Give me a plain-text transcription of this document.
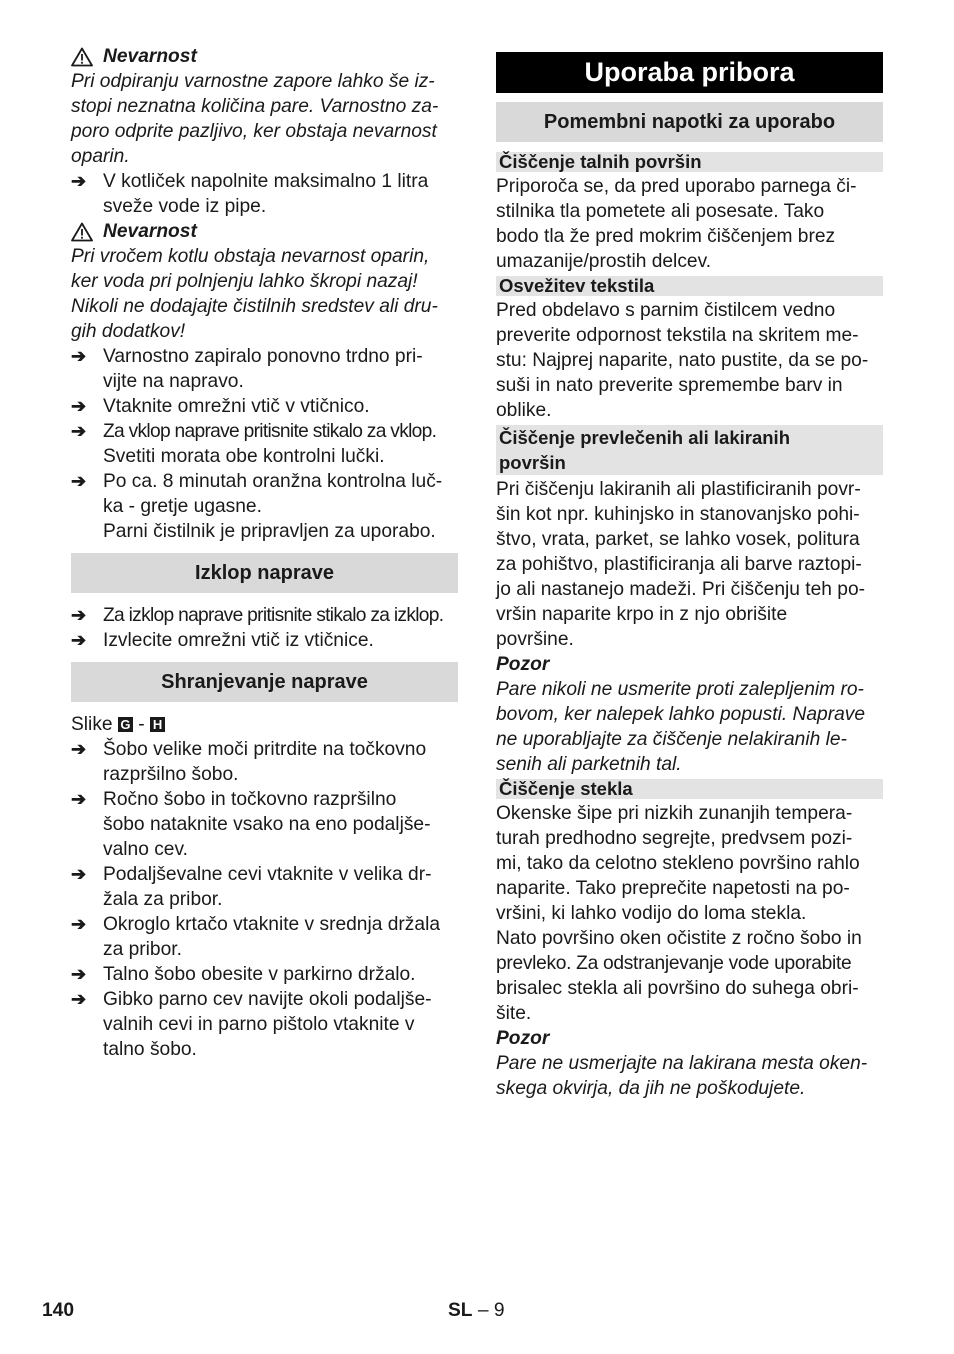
Nevarnost
Pri odpiranju varnostne zapore lahko še iz-
stopi neznatna količina pare. Varnostno za-
poro odprite pazljivo, ker obstaja nevarnost
oparin.
➔ V kotliček napolnite maksimalno 1 litra
sveže vode iz pipe.
Nevarnost
Pri vročem kotlu obstaja nevarnost oparin,
ker voda pri polnjenju lahko škropi nazaj!
Nikoli ne dodajajte čistilnih sredstev ali dru-
gih dodatkov!
➔ Varnostno zapiralo ponovno trdno pri-
vijte na napravo.
➔ Vtaknite omrežni vtič v vtičnico.
➔ Za vklop naprave pritisnite stikalo za vklop.
Svetiti morata obe kontrolni lučki.
➔ Po ca. 8 minutah oranžna kontrolna luč-
ka - gretje ugasne.
Parni čistilnik je pripravljen za uporabo.
Izklop naprave
➔ Za izklop naprave pritisnite stikalo za izklop.
➔ Izvlecite omrežni vtič iz vtičnice.
Shranjevanje naprave
Slike G - H
➔ Šobo velike moči pritrdite na točkovno
razpršilno šobo.
➔ Ročno šobo in točkovno razpršilno
šobo nataknite vsako na eno podaljše-
valno cev.
➔ Podaljševalne cevi vtaknite v velika dr-
žala za pribor.
➔ Okroglo krtačo vtaknite v srednja držala
za pribor.
➔ Talno šobo obesite v parkirno držalo.
➔ Gibko parno cev navijte okoli podaljše-
valnih cevi in parno pištolo vtaknite v
talno šobo.
Uporaba pribora
Pomembni napotki za uporabo
Čiščenje talnih površin
Priporoča se, da pred uporabo parnega či-
stilnika tla pometete ali posesate. Tako
bodo tla že pred mokrim čiščenjem brez
umazanije/prostih delcev.
Osvežitev tekstila
Pred obdelavo s parnim čistilcem vedno
preverite odpornost tekstila na skritem me-
stu: Najprej naparite, nato pustite, da se po-
suši in nato preverite spremembe barv in
oblike.
Čiščenje prevlečenih ali lakiranih
površin
Pri čiščenju lakiranih ali plastificiranih povr-
šin kot npr. kuhinjsko in stanovanjsko pohi-
štvo, vrata, parket, se lahko vosek, politura
za pohištvo, plastificiranja ali barve raztopi-
jo ali nastanejo madeži. Pri čiščenju teh po-
vršin naparite krpo in z njo obrišite
površine.
Pozor
Pare nikoli ne usmerite proti zalepljenim ro-
bovom, ker nalepek lahko popusti. Naprave
ne uporabljajte za čiščenje nelakiranih le-
senih ali parketnih tal.
Čiščenje stekla
Okenske šipe pri nizkih zunanjih tempera-
turah predhodno segrejte, predvsem pozi-
mi, tako da celotno stekleno površino rahlo
naparite. Tako preprečite napetosti na po-
vršini, ki lahko vodijo do loma stekla.
Nato površino oken očistite z ročno šobo in
prevleko. Za odstranjevanje vode uporabite
brisalec stekla ali površino do suhega obri-
šite.
Pozor
Pare ne usmerjajte na lakirana mesta oken-
skega okvirja, da jih ne poškodujete.
140	SL – 9
